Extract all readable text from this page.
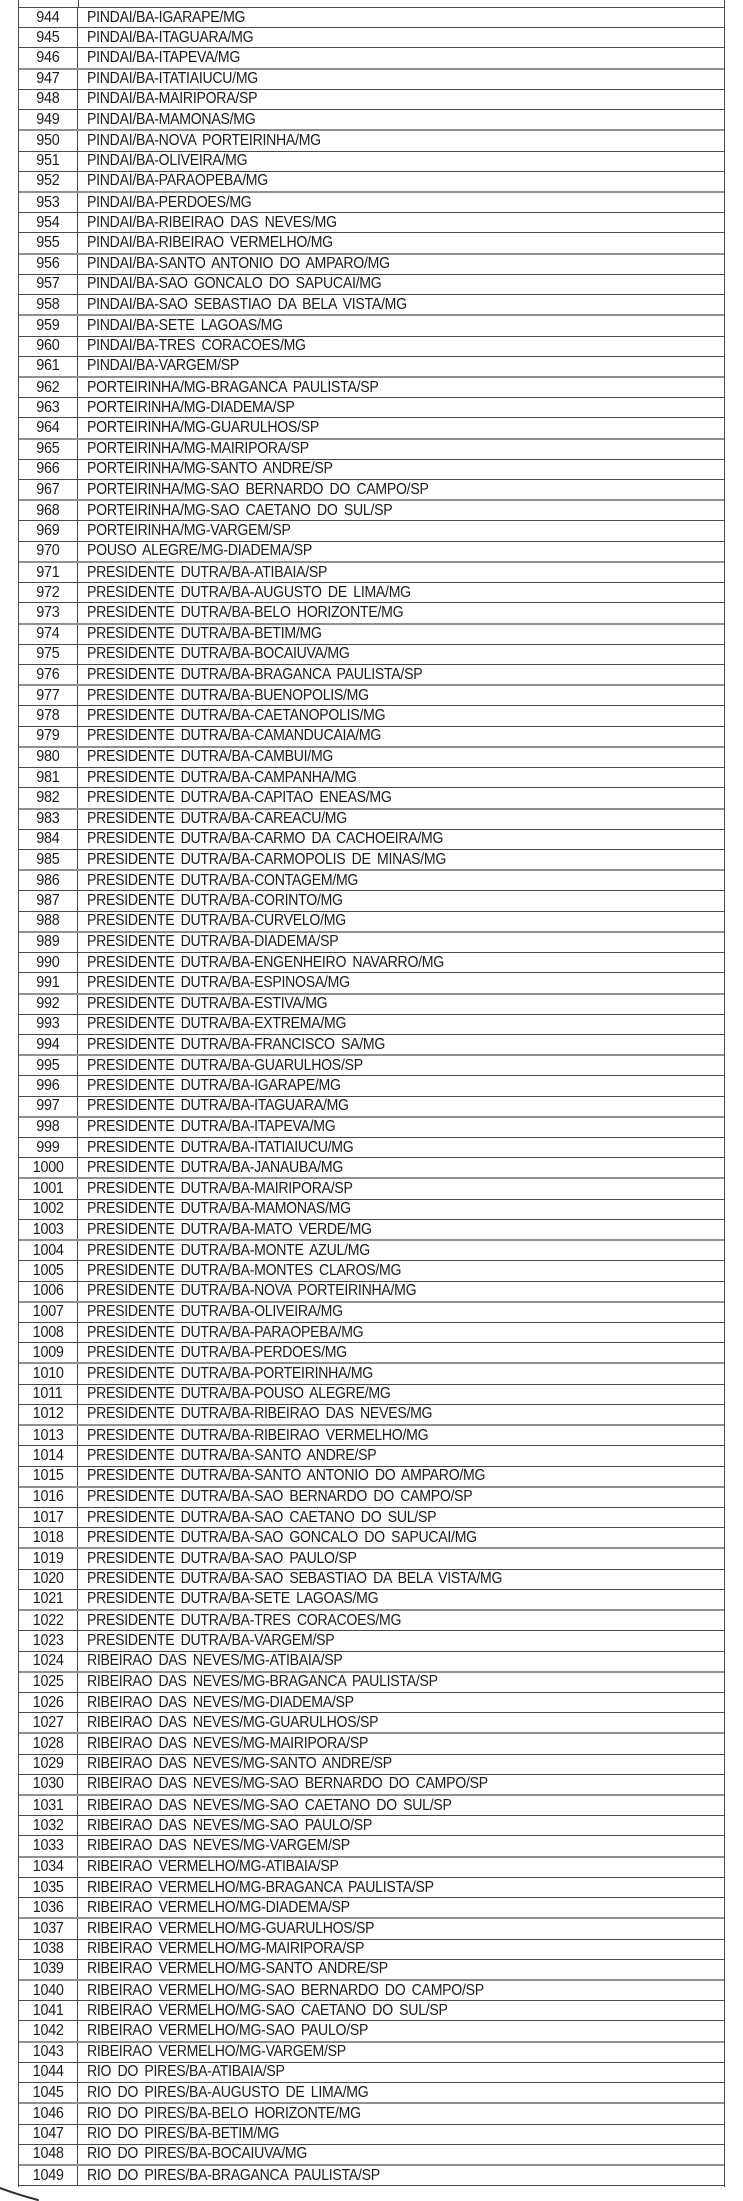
944 PINDAI/BA-IGARAPE/MG
945 PINDAI/BA-ITAGUARA/MG
946 PINDAI/BA-ITAPEVA/MG
947 PINDAI/BA-ITATIAIUCU/MG
948 PINDAI/BA-MAIRIPORA/SP
949 PINDAI/BA-MAMONAS/MG
950 PINDAI/BA-NOVA PORTEIRINHA/MG
951 PINDAI/BA-OLIVEIRA/MG
952 PINDAI/BA-PARAOPEBA/MG
953 PINDAI/BA-PERDOES/MG
954 PINDAI/BA-RIBEIRAO DAS NEVES/MG
955 PINDAI/BA-RIBEIRAO VERMELHO/MG
956 PINDAI/BA-SANTO ANTONIO DO AMPARO/MG
957 PINDAI/BA-SAO GONCALO DO SAPUCAI/MG
958 PINDAI/BA-SAO SEBASTIAO DA BELA VISTA/MG
959 PINDAI/BA-SETE LAGOAS/MG
960 PINDAI/BA-TRES CORACOES/MG
961 PINDAI/BA-VARGEM/SP
962 PORTEIRINHA/MG-BRAGANCA PAULISTA/SP
963 PORTEIRINHA/MG-DIADEMA/SP
964 PORTEIRINHA/MG-GUARULHOS/SP
965 PORTEIRINHA/MG-MAIRIPORA/SP
966 PORTEIRINHA/MG-SANTO ANDRE/SP
967 PORTEIRINHA/MG-SAO BERNARDO DO CAMPO/SP
968 PORTEIRINHA/MG-SAO CAETANO DO SUL/SP
969 PORTEIRINHA/MG-VARGEM/SP
970 POUSO ALEGRE/MG-DIADEMA/SP
971 PRESIDENTE DUTRA/BA-ATIBAIA/SP
972 PRESIDENTE DUTRA/BA-AUGUSTO DE LIMA/MG
973 PRESIDENTE DUTRA/BA-BELO HORIZONTE/MG
974 PRESIDENTE DUTRA/BA-BETIM/MG
975 PRESIDENTE DUTRA/BA-BOCAIUVA/MG
976 PRESIDENTE DUTRA/BA-BRAGANCA PAULISTA/SP
977 PRESIDENTE DUTRA/BA-BUENOPOLIS/MG
978 PRESIDENTE DUTRA/BA-CAETANOPOLIS/MG
979 PRESIDENTE DUTRA/BA-CAMANDUCAIA/MG
980 PRESIDENTE DUTRA/BA-CAMBUI/MG
981 PRESIDENTE DUTRA/BA-CAMPANHA/MG
982 PRESIDENTE DUTRA/BA-CAPITAO ENEAS/MG
983 PRESIDENTE DUTRA/BA-CAREACU/MG
984 PRESIDENTE DUTRA/BA-CARMO DA CACHOEIRA/MG
985 PRESIDENTE DUTRA/BA-CARMOPOLIS DE MINAS/MG
986 PRESIDENTE DUTRA/BA-CONTAGEM/MG
987 PRESIDENTE DUTRA/BA-CORINTO/MG
988 PRESIDENTE DUTRA/BA-CURVELO/MG
989 PRESIDENTE DUTRA/BA-DIADEMA/SP
990 PRESIDENTE DUTRA/BA-ENGENHEIRO NAVARRO/MG
991 PRESIDENTE DUTRA/BA-ESPINOSA/MG
992 PRESIDENTE DUTRA/BA-ESTIVA/MG
993 PRESIDENTE DUTRA/BA-EXTREMA/MG
994 PRESIDENTE DUTRA/BA-FRANCISCO SA/MG
995 PRESIDENTE DUTRA/BA-GUARULHOS/SP
996 PRESIDENTE DUTRA/BA-IGARAPE/MG
997 PRESIDENTE DUTRA/BA-ITAGUARA/MG
998 PRESIDENTE DUTRA/BA-ITAPEVA/MG
999 PRESIDENTE DUTRA/BA-ITATIAIUCU/MG
1000 PRESIDENTE DUTRA/BA-JANAUBA/MG
1001 PRESIDENTE DUTRA/BA-MAIRIPORA/SP
1002 PRESIDENTE DUTRA/BA-MAMONAS/MG
1003 PRESIDENTE DUTRA/BA-MATO VERDE/MG
1004 PRESIDENTE DUTRA/BA-MONTE AZUL/MG
1005 PRESIDENTE DUTRA/BA-MONTES CLAROS/MG
1006 PRESIDENTE DUTRA/BA-NOVA PORTEIRINHA/MG
1007 PRESIDENTE DUTRA/BA-OLIVEIRA/MG
1008 PRESIDENTE DUTRA/BA-PARAOPEBA/MG
1009 PRESIDENTE DUTRA/BA-PERDOES/MG
1010 PRESIDENTE DUTRA/BA-PORTEIRINHA/MG
1011 PRESIDENTE DUTRA/BA-POUSO ALEGRE/MG
1012 PRESIDENTE DUTRA/BA-RIBEIRAO DAS NEVES/MG
1013 PRESIDENTE DUTRA/BA-RIBEIRAO VERMELHO/MG
1014 PRESIDENTE DUTRA/BA-SANTO ANDRE/SP
1015 PRESIDENTE DUTRA/BA-SANTO ANTONIO DO AMPARO/MG
1016 PRESIDENTE DUTRA/BA-SAO BERNARDO DO CAMPO/SP
1017 PRESIDENTE DUTRA/BA-SAO CAETANO DO SUL/SP
1018 PRESIDENTE DUTRA/BA-SAO GONCALO DO SAPUCAI/MG
1019 PRESIDENTE DUTRA/BA-SAO PAULO/SP
1020 PRESIDENTE DUTRA/BA-SAO SEBASTIAO DA BELA VISTA/MG
1021 PRESIDENTE DUTRA/BA-SETE LAGOAS/MG
1022 PRESIDENTE DUTRA/BA-TRES CORACOES/MG
1023 PRESIDENTE DUTRA/BA-VARGEM/SP
1024 RIBEIRAO DAS NEVES/MG-ATIBAIA/SP
1025 RIBEIRAO DAS NEVES/MG-BRAGANCA PAULISTA/SP
1026 RIBEIRAO DAS NEVES/MG-DIADEMA/SP
1027 RIBEIRAO DAS NEVES/MG-GUARULHOS/SP
1028 RIBEIRAO DAS NEVES/MG-MAIRIPORA/SP
1029 RIBEIRAO DAS NEVES/MG-SANTO ANDRE/SP
1030 RIBEIRAO DAS NEVES/MG-SAO BERNARDO DO CAMPO/SP
1031 RIBEIRAO DAS NEVES/MG-SAO CAETANO DO SUL/SP
1032 RIBEIRAO DAS NEVES/MG-SAO PAULO/SP
1033 RIBEIRAO DAS NEVES/MG-VARGEM/SP
1034 RIBEIRAO VERMELHO/MG-ATIBAIA/SP
1035 RIBEIRAO VERMELHO/MG-BRAGANCA PAULISTA/SP
1036 RIBEIRAO VERMELHO/MG-DIADEMA/SP
1037 RIBEIRAO VERMELHO/MG-GUARULHOS/SP
1038 RIBEIRAO VERMELHO/MG-MAIRIPORA/SP
1039 RIBEIRAO VERMELHO/MG-SANTO ANDRE/SP
1040 RIBEIRAO VERMELHO/MG-SAO BERNARDO DO CAMPO/SP
1041 RIBEIRAO VERMELHO/MG-SAO CAETANO DO SUL/SP
1042 RIBEIRAO VERMELHO/MG-SAO PAULO/SP
1043 RIBEIRAO VERMELHO/MG-VARGEM/SP
1044 RIO DO PIRES/BA-ATIBAIA/SP
1045 RIO DO PIRES/BA-AUGUSTO DE LIMA/MG
1046 RIO DO PIRES/BA-BELO HORIZONTE/MG
1047 RIO DO PIRES/BA-BETIM/MG
1048 RIO DO PIRES/BA-BOCAIUVA/MG
1049 RIO DO PIRES/BA-BRAGANCA PAULISTA/SP
